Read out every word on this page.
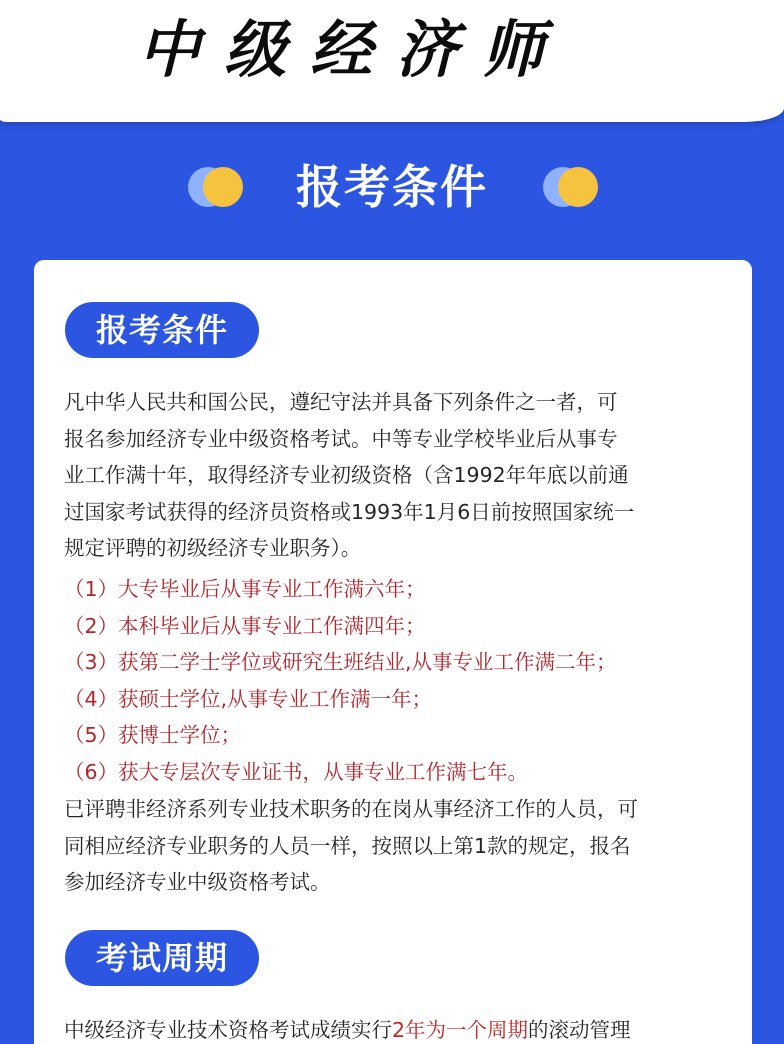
中级经济师
报考条件
报考条件
凡中华人民共和国公民，遵纪守法并具备下列条件之一者，可
报名参加经济专业中级资格考试。中等专业学校毕业后从事专
业工作满十年，取得经济专业初级资格（含1992年年底以前通
过国家考试获得的经济员资格或1993年1月6日前按照国家统一
规定评聘的初级经济专业职务）。
（1）大专毕业后从事专业工作满六年；
（2）本科毕业后从事专业工作满四年；
（3）获第二学士学位或研究生班结业,从事专业工作满二年；
（4）获硕士学位,从事专业工作满一年；
（5）获博士学位；
（6）获大专层次专业证书，从事专业工作满七年。
已评聘非经济系列专业技术职务的在岗从事经济工作的人员，可
同相应经济专业职务的人员一样，按照以上第1款的规定，报名
参加经济专业中级资格考试。
考试周期
中级经济专业技术资格考试成绩实行2年为一个周期的滚动管理
